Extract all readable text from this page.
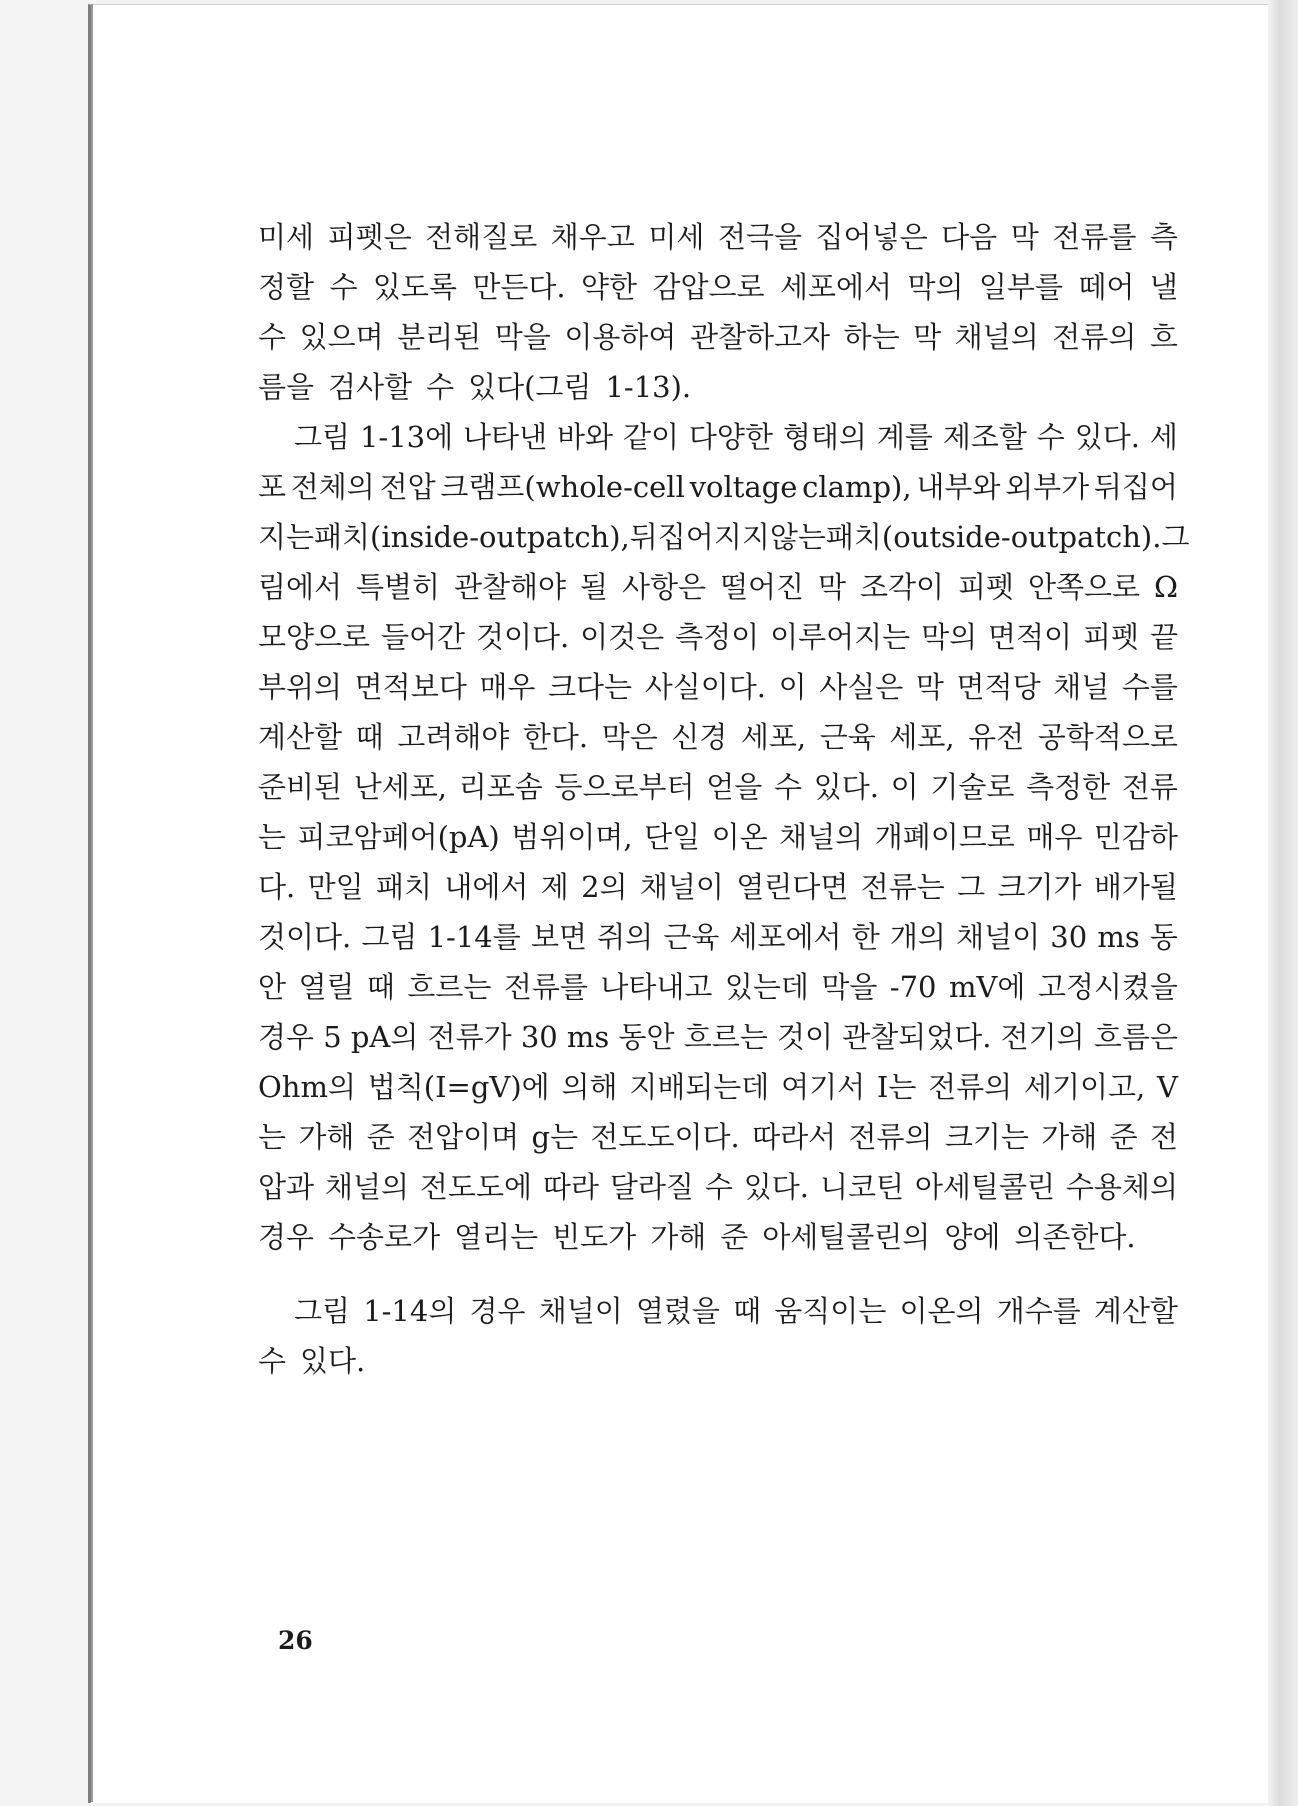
미세 피펫은 전해질로 채우고 미세 전극을 집어넣은 다음 막 전류를 측
정할 수 있도록 만든다. 약한 감압으로 세포에서 막의 일부를 떼어 낼
수 있으며 분리된 막을 이용하여 관찰하고자 하는 막 채널의 전류의 흐
름을 검사할 수 있다(그림 1-13).
그림 1-13에 나타낸 바와 같이 다양한 형태의 계를 제조할 수 있다. 세
포 전체의 전압 크램프(whole-cell voltage clamp), 내부와 외부가 뒤집어
지는 패치(inside-out patch), 뒤집어지지 않는 패치(outside-out patch). 그
림에서 특별히 관찰해야 될 사항은 떨어진 막 조각이 피펫 안쪽으로 Ω
모양으로 들어간 것이다. 이것은 측정이 이루어지는 막의 면적이 피펫 끝
부위의 면적보다 매우 크다는 사실이다. 이 사실은 막 면적당 채널 수를
계산할 때 고려해야 한다. 막은 신경 세포, 근육 세포, 유전 공학적으로
준비된 난세포, 리포솜 등으로부터 얻을 수 있다. 이 기술로 측정한 전류
는 피코암페어(pA) 범위이며, 단일 이온 채널의 개폐이므로 매우 민감하
다. 만일 패치 내에서 제 2의 채널이 열린다면 전류는 그 크기가 배가될
것이다. 그림 1-14를 보면 쥐의 근육 세포에서 한 개의 채널이 30 ms 동
안 열릴 때 흐르는 전류를 나타내고 있는데 막을 -70 mV에 고정시켰을
경우 5 pA의 전류가 30 ms 동안 흐르는 것이 관찰되었다. 전기의 흐름은
Ohm의 법칙(I=gV)에 의해 지배되는데 여기서 I는 전류의 세기이고, V
는 가해 준 전압이며 g는 전도도이다. 따라서 전류의 크기는 가해 준 전
압과 채널의 전도도에 따라 달라질 수 있다. 니코틴 아세틸콜린 수용체의
경우 수송로가 열리는 빈도가 가해 준 아세틸콜린의 양에 의존한다.
그림 1-14의 경우 채널이 열렸을 때 움직이는 이온의 개수를 계산할
수 있다.
26
